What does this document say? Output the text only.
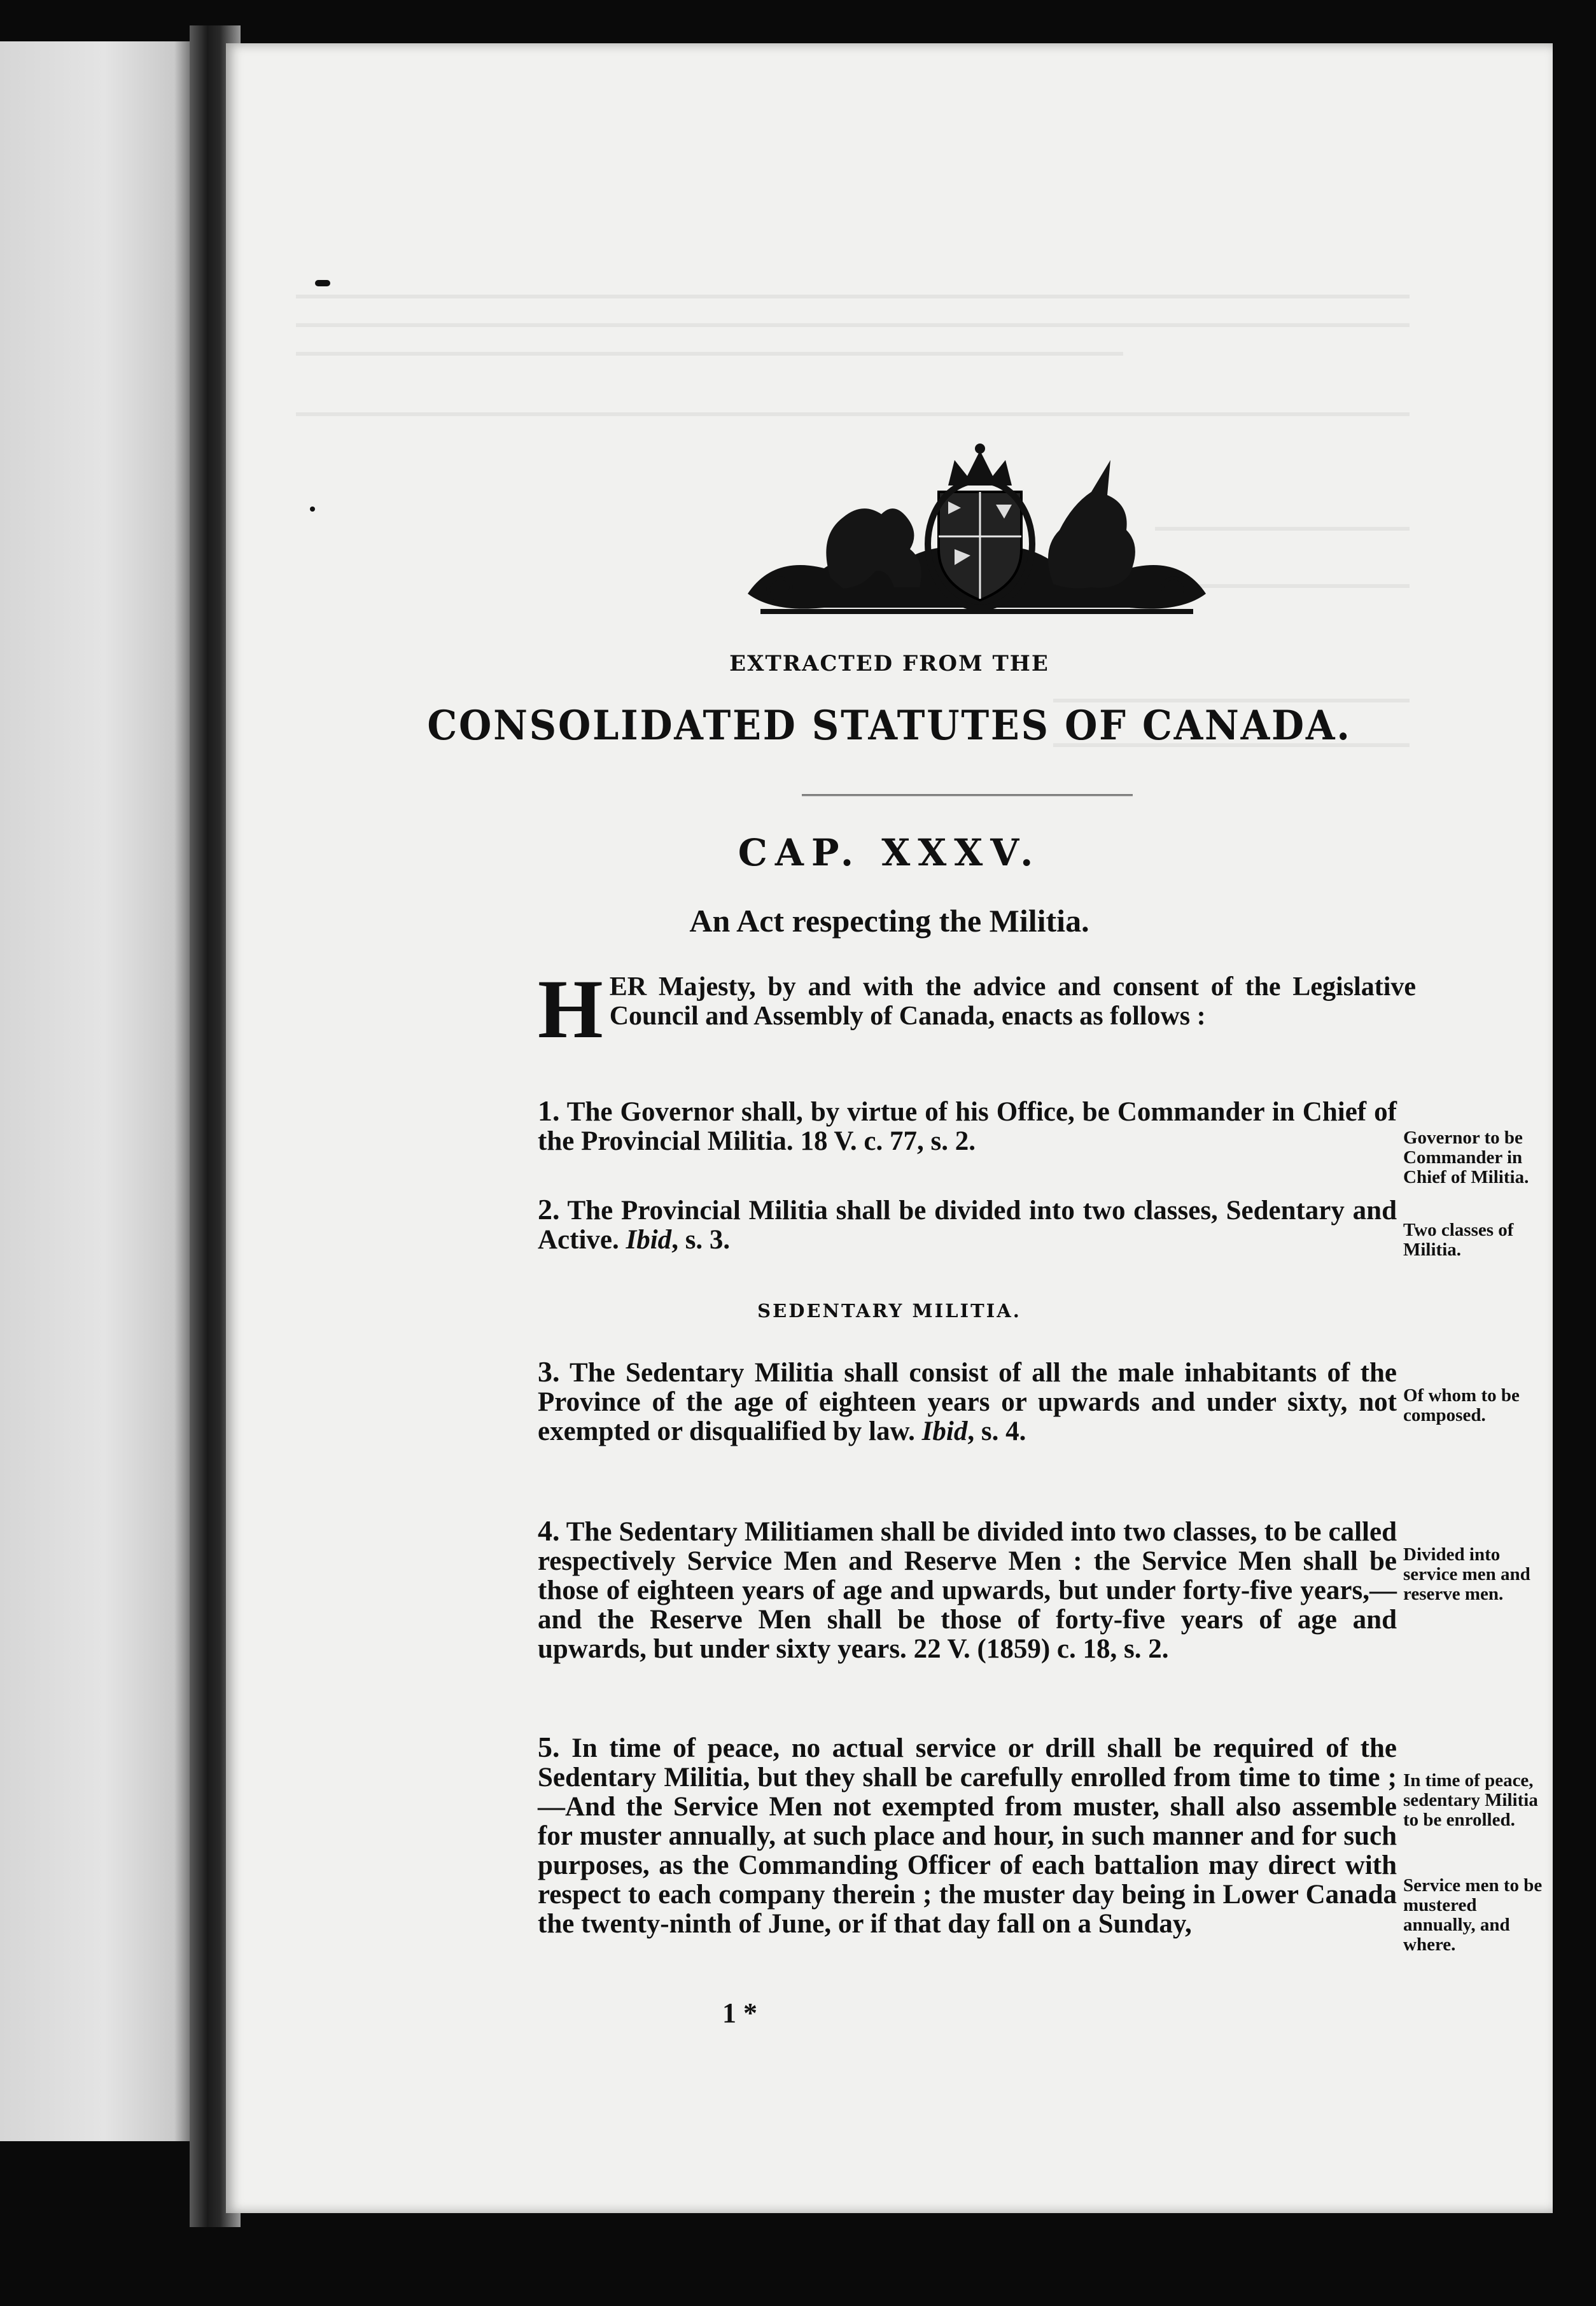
EXTRACTED FROM THE
CONSOLIDATED STATUTES OF CANADA.
CAP. XXXV.
An Act respecting the Militia.
HER Majesty, by and with the advice and consent of the Legislative Council and Assembly of Canada, enacts as follows :
1. The Governor shall, by virtue of his Office, be Commander in Chief of the Provincial Militia. 18 V. c. 77, s. 2.
2. The Provincial Militia shall be divided into two classes, Sedentary and Active. Ibid, s. 3.
SEDENTARY MILITIA.
3. The Sedentary Militia shall consist of all the male inhabitants of the Province of the age of eighteen years or upwards and under sixty, not exempted or disqualified by law. Ibid, s. 4.
4. The Sedentary Militiamen shall be divided into two classes, to be called respectively Service Men and Reserve Men : the Service Men shall be those of eighteen years of age and upwards, but under forty-five years,—and the Reserve Men shall be those of forty-five years of age and upwards, but under sixty years. 22 V. (1859) c. 18, s. 2.
5. In time of peace, no actual service or drill shall be required of the Sedentary Militia, but they shall be carefully enrolled from time to time ;—And the Service Men not exempted from muster, shall also assemble for muster annually, at such place and hour, in such manner and for such purposes, as the Commanding Officer of each battalion may direct with respect to each company therein ; the muster day being in Lower Canada the twenty-ninth of June, or if that day fall on a Sunday,
1 *
Governor to be Commander in Chief of Militia.
Two classes of Militia.
Of whom to be composed.
Divided into service men and reserve men.
In time of peace, sedentary Militia to be enrolled.
Service men to be mustered annually, and where.
